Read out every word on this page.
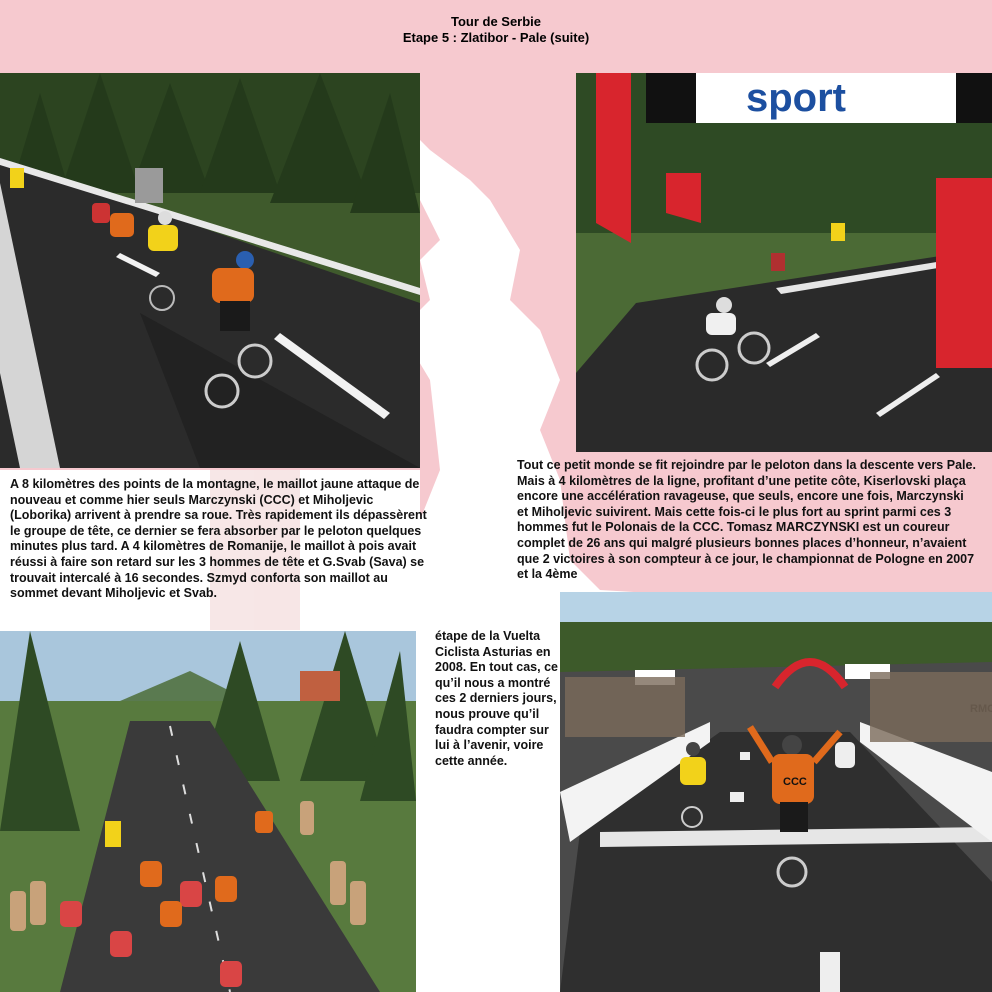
Tour de Serbie
Etape 5 : Zlatibor - Pale (suite)
sport
CCC

A 8 kilomètres des points de la montagne, le maillot jaune attaque de nouveau et comme hier seuls Marczynski (CCC) et Miholjevic (Loborika) arrivent à prendre sa roue. Très rapidement ils dépassèrent le groupe de tête, ce dernier se fera absorber par le peloton quelques minutes plus tard. A 4 kilomètres de Romanije, le maillot à pois avait réussi à faire son retard sur les 3 hommes de tête et G.Svab (Sava) se trouvait intercalé à 16 secondes. Szmyd conforta son maillot au sommet devant Miholjevic et Svab.

Tout ce petit monde se fit rejoindre par le peloton dans la descente vers Pale. Mais à 4 kilomètres de la ligne, profitant d’une petite côte, Kiserlovski plaça encore une accélération ravageuse, que seuls, encore une fois, Marczynski et Miholjevic suivirent. Mais cette fois-ci le plus fort au sprint parmi ces 3 hommes fut le Polonais de la CCC. Tomasz MARCZYNSKI est un coureur complet de 26 ans qui malgré plusieurs bonnes places d’honneur, n’avaient que 2 victoires à son compteur à ce jour, le championnat de Pologne en 2007 et la 4ème

étape de la Vuelta Ciclista Asturias en 2008. En tout cas, ce qu’il nous a montré ces 2 derniers jours, nous prouve qu’il faudra compter sur lui à l’avenir, voire cette année.
